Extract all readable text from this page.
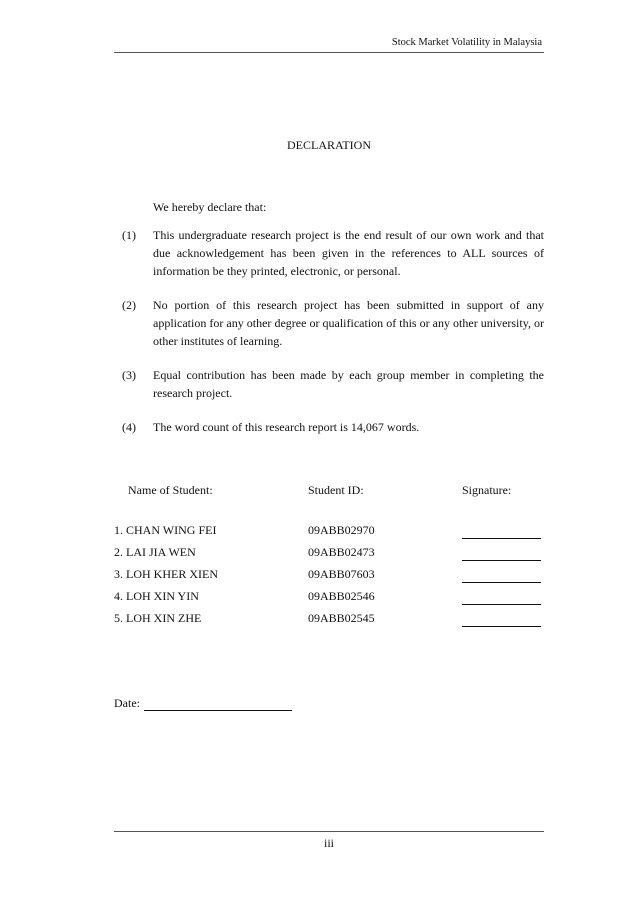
Stock Market Volatility in Malaysia
DECLARATION
We hereby declare that:
(1)	This undergraduate research project is the end result of our own work and that due acknowledgement has been given in the references to ALL sources of information be they printed, electronic, or personal.
(2)	No portion of this research project has been submitted in support of any application for any other degree or qualification of this or any other university, or other institutes of learning.
(3)	Equal contribution has been made by each group member in completing the research project.
(4)	The word count of this research report is 14,067 words.
Name of Student:	Student ID:	Signature:
1. CHAN WING FEI	09ABB02970
2. LAI JIA WEN	09ABB02473
3. LOH KHER XIEN	09ABB07603
4. LOH XIN YIN	09ABB02546
5. LOH XIN ZHE	09ABB02545
Date:
iii
